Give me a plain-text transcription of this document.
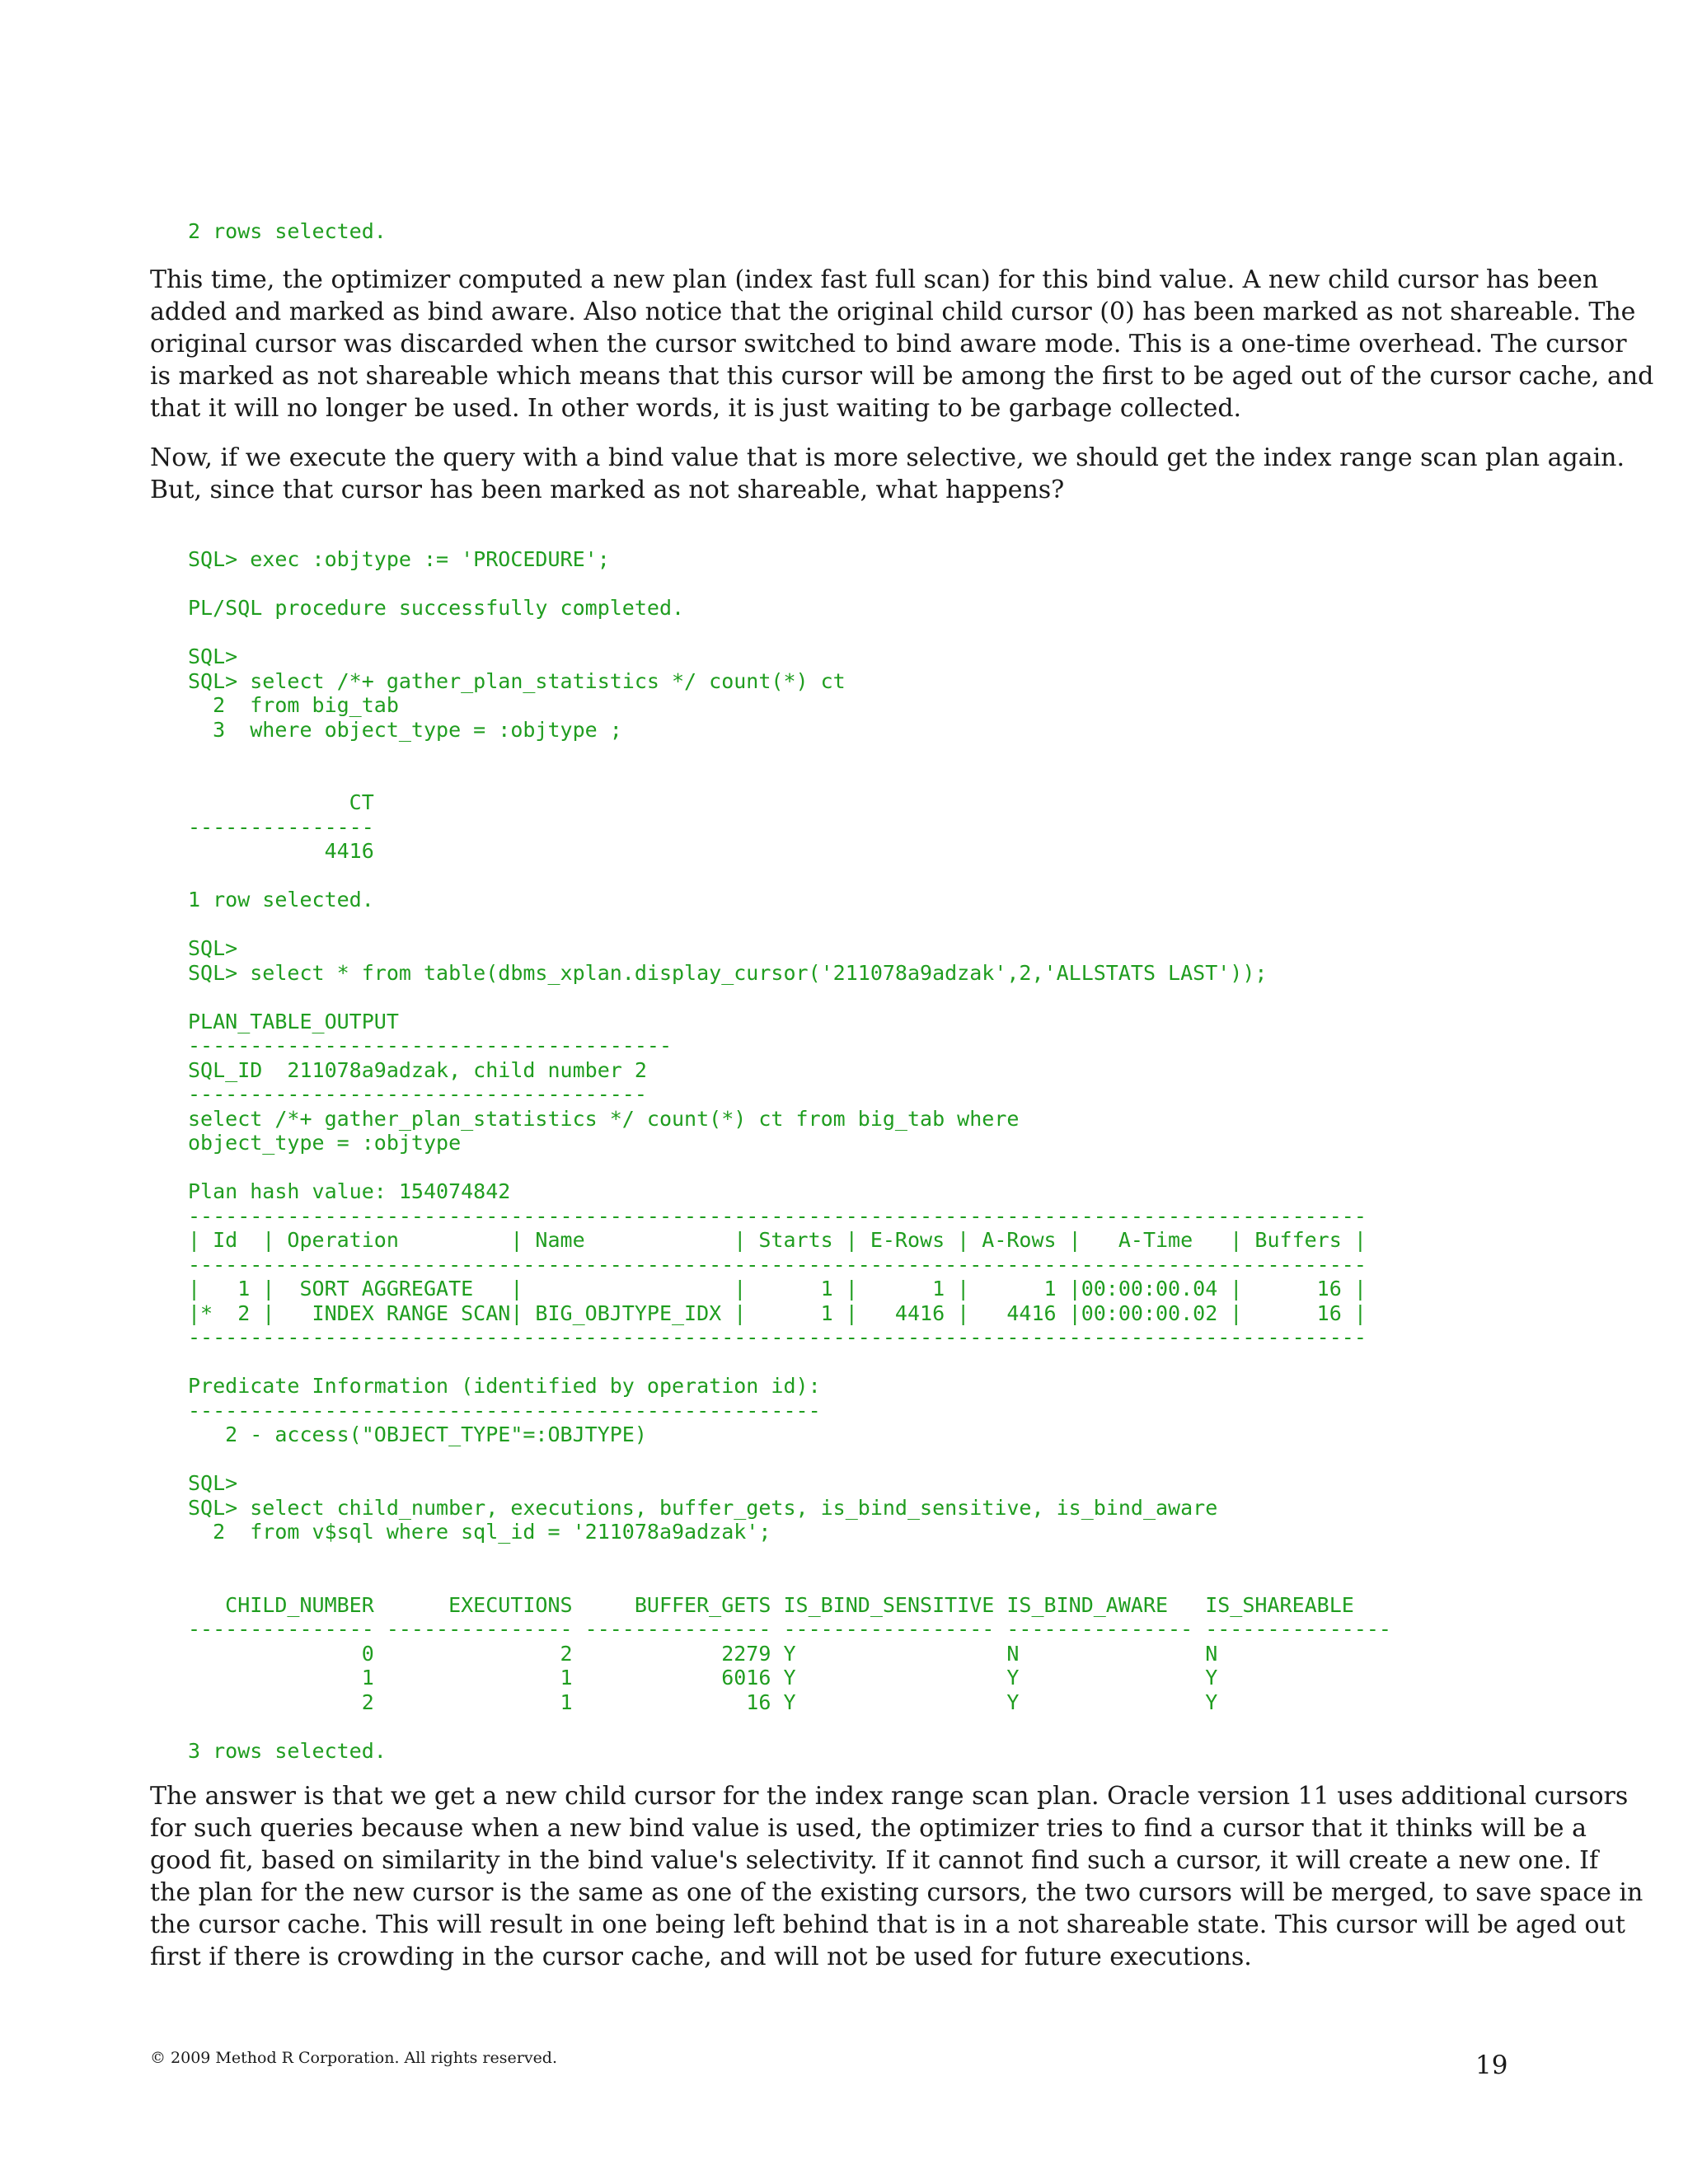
2 rows selected.
This time, the optimizer computed a new plan (index fast full scan) for this bind value. A new child cursor has been
added and marked as bind aware. Also notice that the original child cursor (0) has been marked as not shareable. The
original cursor was discarded when the cursor switched to bind aware mode. This is a one-time overhead. The cursor
is marked as not shareable which means that this cursor will be among the first to be aged out of the cursor cache, and
that it will no longer be used. In other words, it is just waiting to be garbage collected.
Now, if we execute the query with a bind value that is more selective, we should get the index range scan plan again.
But, since that cursor has been marked as not shareable, what happens?
SQL> exec :objtype := 'PROCEDURE';

PL/SQL procedure successfully completed.

SQL>
SQL> select /*+ gather_plan_statistics */ count(*) ct
2  from big_tab
3  where object_type = :objtype ;

CT
---------------
4416

1 row selected.

SQL>
SQL> select * from table(dbms_xplan.display_cursor('211078a9adzak',2,'ALLSTATS LAST'));

PLAN_TABLE_OUTPUT
---------------------------------------
SQL_ID  211078a9adzak, child number 2
-------------------------------------
select /*+ gather_plan_statistics */ count(*) ct from big_tab where
object_type = :objtype

Plan hash value: 154074842
-----------------------------------------------------------------------------------------------
| Id  | Operation         | Name            | Starts | E-Rows | A-Rows |   A-Time   | Buffers |
-----------------------------------------------------------------------------------------------
|   1 |  SORT AGGREGATE   |                 |      1 |      1 |      1 |00:00:00.04 |      16 |
|*  2 |   INDEX RANGE SCAN| BIG_OBJTYPE_IDX |      1 |   4416 |   4416 |00:00:00.02 |      16 |
-----------------------------------------------------------------------------------------------

Predicate Information (identified by operation id):
---------------------------------------------------
2 - access("OBJECT_TYPE"=:OBJTYPE)

SQL>
SQL> select child_number, executions, buffer_gets, is_bind_sensitive, is_bind_aware
2  from v$sql where sql_id = '211078a9adzak';

CHILD_NUMBER      EXECUTIONS     BUFFER_GETS IS_BIND_SENSITIVE IS_BIND_AWARE   IS_SHAREABLE
--------------- --------------- --------------- ----------------- --------------- ---------------
0               2            2279 Y                 N               N
1               1            6016 Y                 Y               Y
2               1              16 Y                 Y               Y

3 rows selected.
The answer is that we get a new child cursor for the index range scan plan. Oracle version 11 uses additional cursors
for such queries because when a new bind value is used, the optimizer tries to find a cursor that it thinks will be a
good fit, based on similarity in the bind value's selectivity. If it cannot find such a cursor, it will create a new one. If
the plan for the new cursor is the same as one of the existing cursors, the two cursors will be merged, to save space in
the cursor cache. This will result in one being left behind that is in a not shareable state. This cursor will be aged out
first if there is crowding in the cursor cache, and will not be used for future executions.
© 2009 Method R Corporation. All rights reserved.	19
